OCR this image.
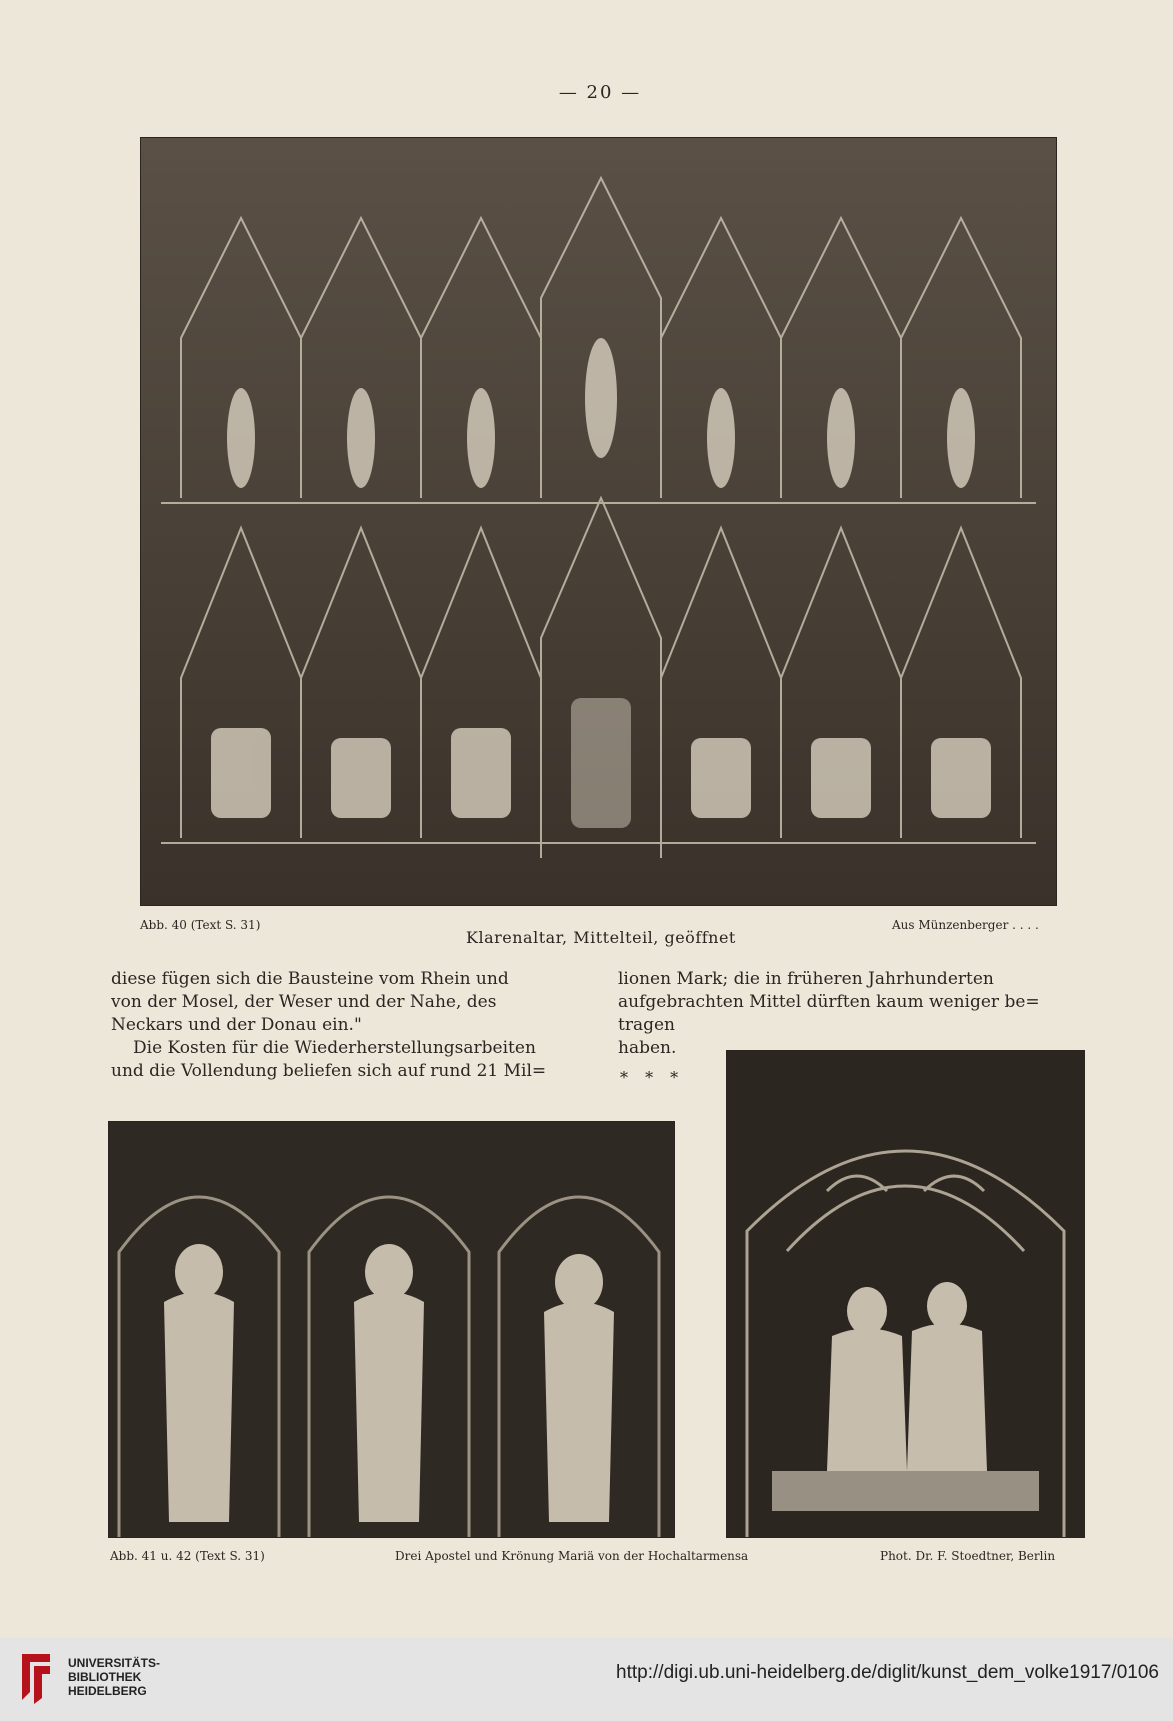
— 20 —
Abb. 40 (Text S. 31)
Klarenaltar, Mittelteil, geöffnet
Aus Münzenberger . . . .
diese fügen sich die Bausteine vom Rhein und
von der Mosel, der Weser und der Nahe, des
Neckars und der Donau ein."
Die Kosten für die Wiederherstellungsarbeiten
und die Vollendung beliefen sich auf rund 21 Mil=
lionen Mark; die in früheren Jahrhunderten
aufgebrachten Mittel dürften kaum weniger be=
tragen
haben.
* * *
Abb. 41 u. 42 (Text S. 31)	Drei Apostel und Krönung Mariä von der Hochaltarmensa	Phot. Dr. F. Stoedtner, Berlin
UNIVERSITÄTS-
BIBLIOTHEK
HEIDELBERG
http://digi.ub.uni-heidelberg.de/diglit/kunst_dem_volke1917/0106
